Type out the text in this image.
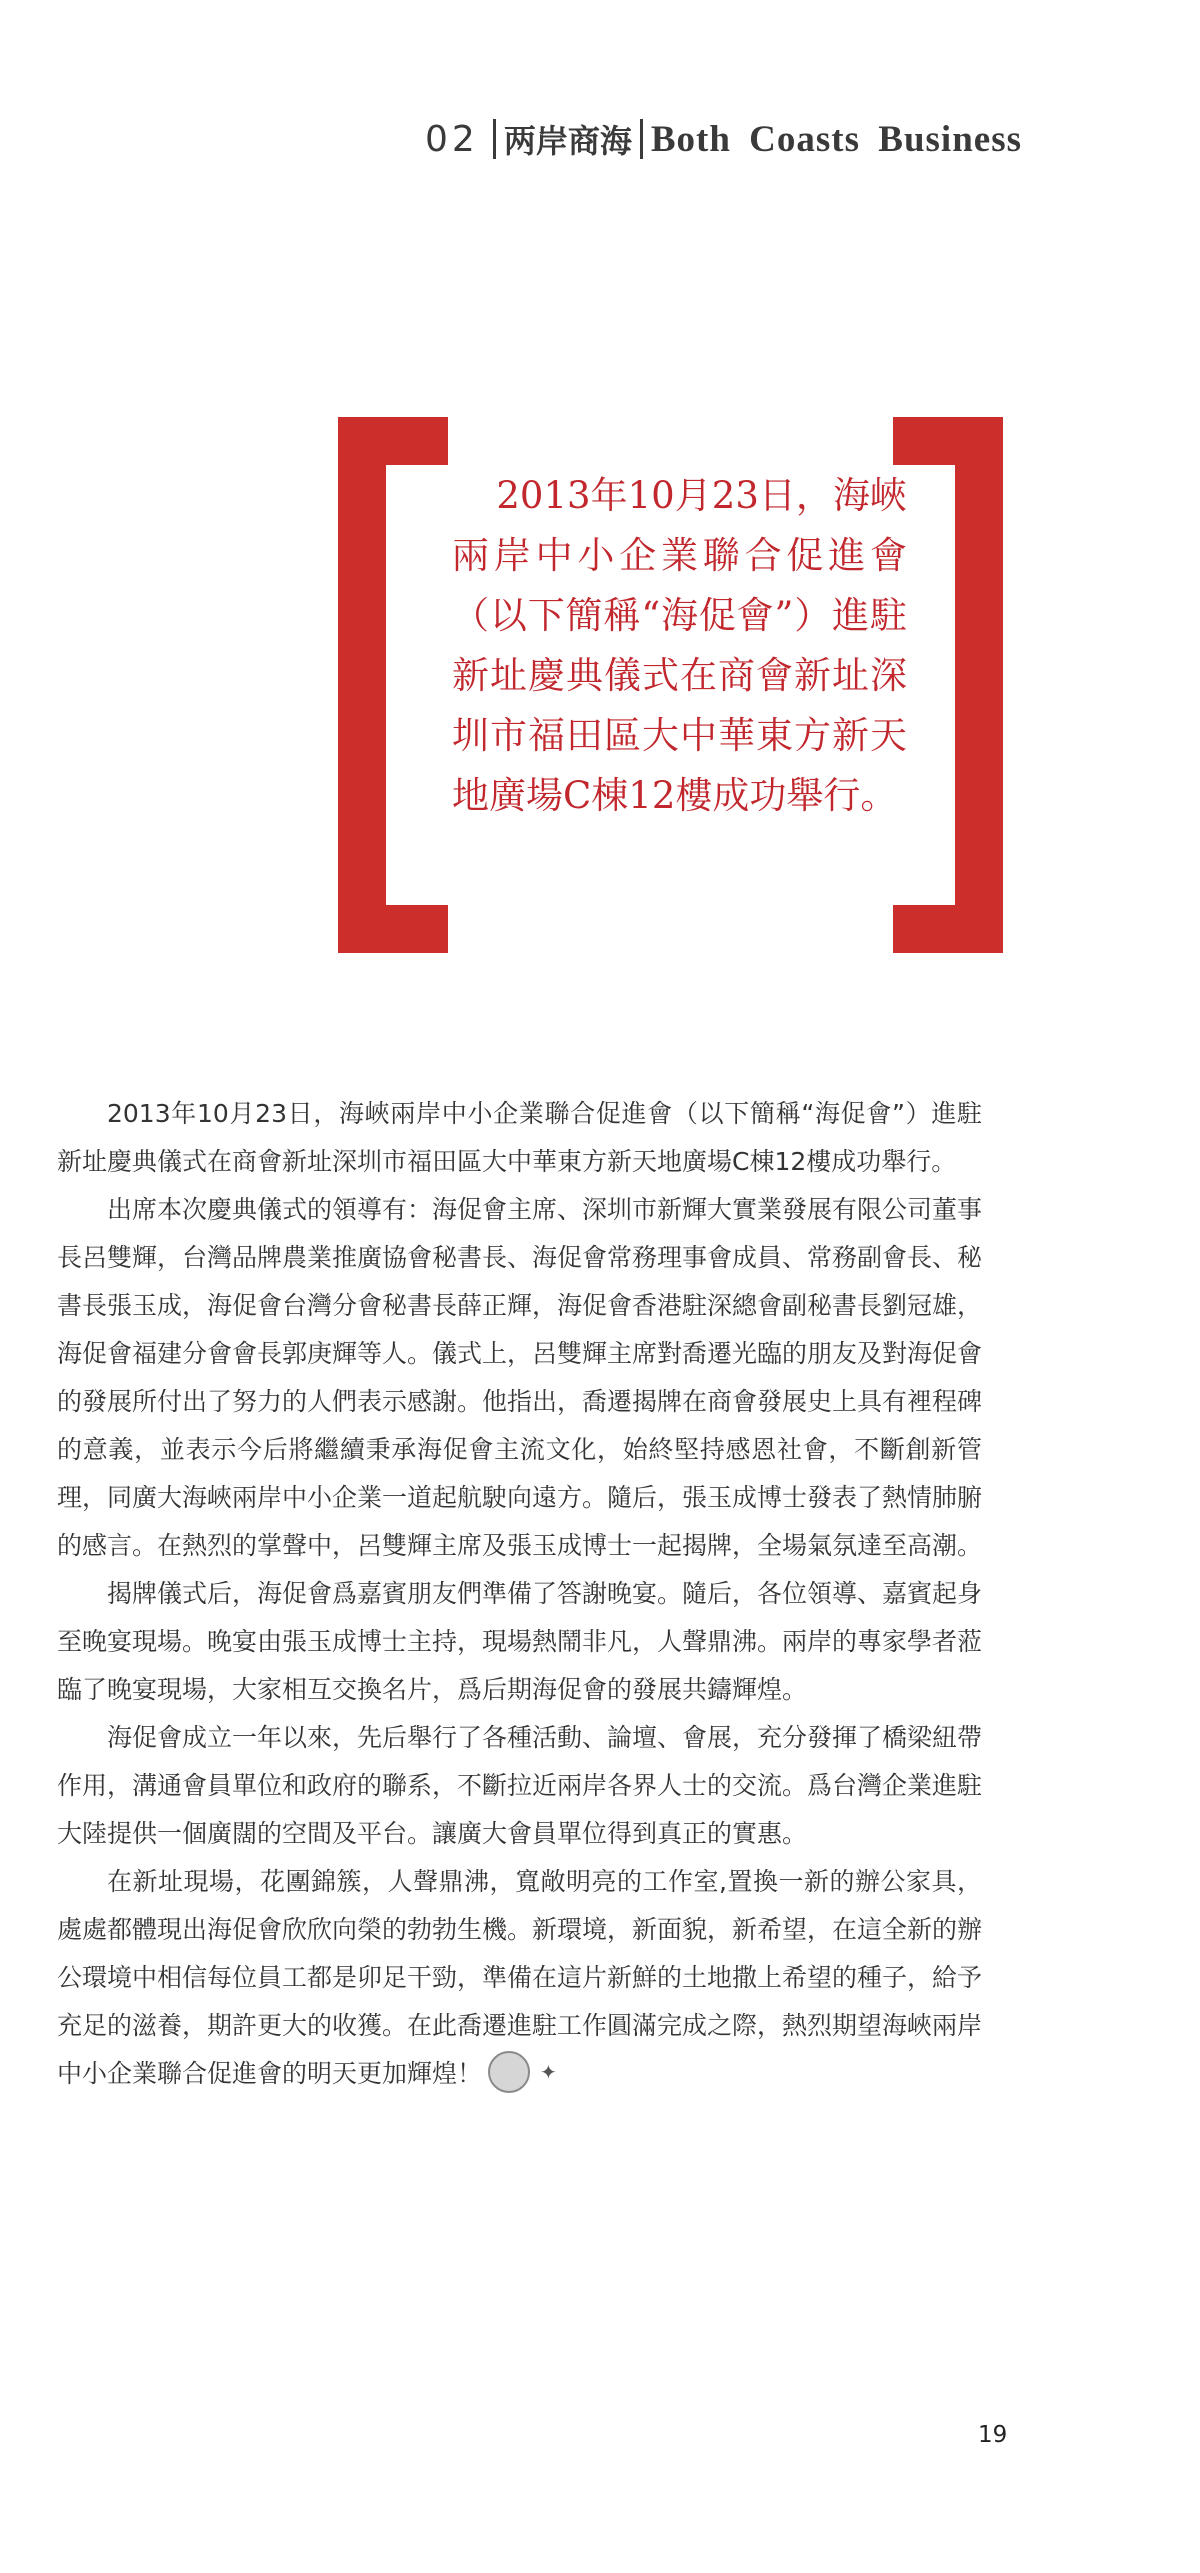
02 两岸商海 Both Coasts Business

2013年10月23日，海峽兩岸中小企業聯合促進會（以下簡稱“海促會”）進駐新址慶典儀式在商會新址深圳市福田區大中華東方新天地廣場C棟12樓成功舉行。

2013年10月23日，海峽兩岸中小企業聯合促進會（以下簡稱“海促會”）進駐新址慶典儀式在商會新址深圳市福田區大中華東方新天地廣場C棟12樓成功舉行。

出席本次慶典儀式的領導有：海促會主席、深圳市新輝大實業發展有限公司董事長呂雙輝，台灣品牌農業推廣協會秘書長、海促會常務理事會成員、常務副會長、秘書長張玉成，海促會台灣分會秘書長薛正輝，海促會香港駐深總會副秘書長劉冠雄，海促會福建分會會長郭庚輝等人。儀式上，呂雙輝主席對喬遷光臨的朋友及對海促會的發展所付出了努力的人們表示感謝。他指出，喬遷揭牌在商會發展史上具有裡程碑的意義，並表示今后將繼續秉承海促會主流文化，始終堅持感恩社會，不斷創新管理，同廣大海峽兩岸中小企業一道起航駛向遠方。隨后，張玉成博士發表了熱情肺腑的感言。在熱烈的掌聲中，呂雙輝主席及張玉成博士一起揭牌，全場氣氛達至高潮。

揭牌儀式后，海促會爲嘉賓朋友們準備了答謝晚宴。隨后，各位領導、嘉賓起身至晚宴現場。晚宴由張玉成博士主持，現場熱鬧非凡，人聲鼎沸。兩岸的專家學者蒞臨了晚宴現場，大家相互交換名片，爲后期海促會的發展共鑄輝煌。

海促會成立一年以來，先后舉行了各種活動、論壇、會展，充分發揮了橋梁紐帶作用，溝通會員單位和政府的聯系，不斷拉近兩岸各界人士的交流。爲台灣企業進駐大陸提供一個廣闊的空間及平台。讓廣大會員單位得到真正的實惠。

在新址現場，花團錦簇，人聲鼎沸，寬敞明亮的工作室,置換一新的辦公家具，處處都體現出海促會欣欣向榮的勃勃生機。新環境，新面貌，新希望，在這全新的辦公環境中相信每位員工都是卯足干勁，準備在這片新鮮的土地撒上希望的種子，給予充足的滋養，期許更大的收獲。在此喬遷進駐工作圓滿完成之際，熱烈期望海峽兩岸中小企業聯合促進會的明天更加輝煌！	✦

19
